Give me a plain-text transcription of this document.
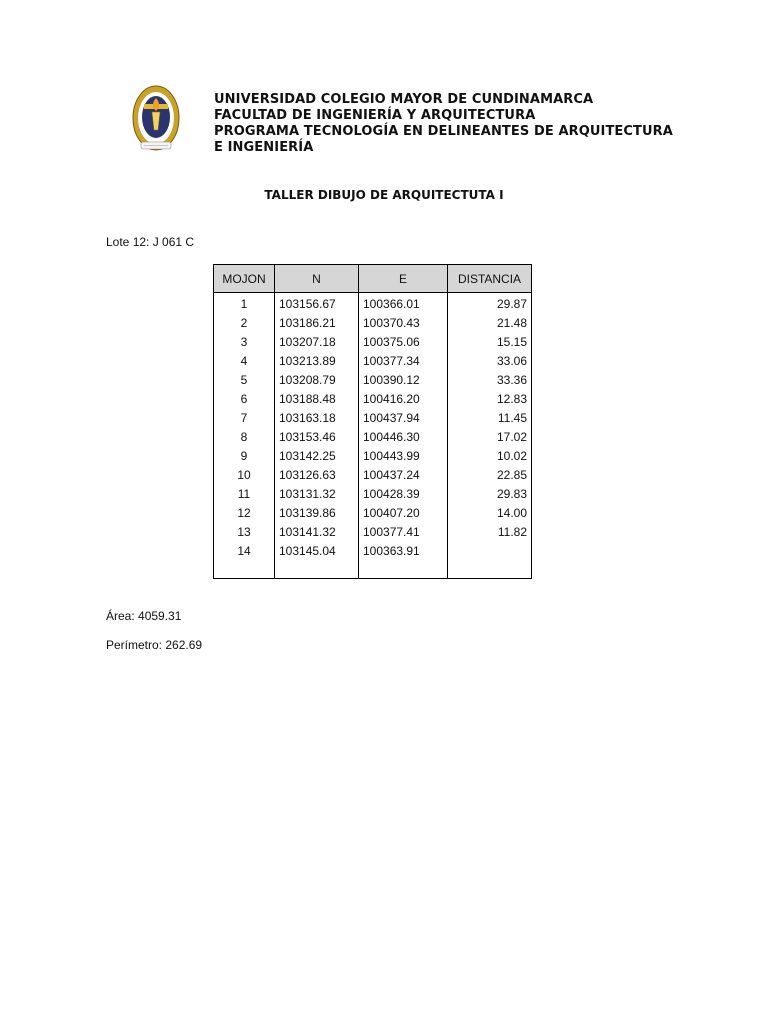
UNIVERSIDAD COLEGIO MAYOR DE CUNDINAMARCA
FACULTAD DE INGENIERÍA Y ARQUITECTURA
PROGRAMA TECNOLOGÍA EN DELINEANTES DE ARQUITECTURA
E INGENIERÍA
TALLER DIBUJO DE ARQUITECTUTA I
Lote 12: J 061 C
MOJON	N	E	DISTANCIA
1	103156.67	100366.01	29.87
2	103186.21	100370.43	21.48
3	103207.18	100375.06	15.15
4	103213.89	100377.34	33.06
5	103208.79	100390.12	33.36
6	103188.48	100416.20	12.83
7	103163.18	100437.94	11.45
8	103153.46	100446.30	17.02
9	103142.25	100443.99	10.02
10	103126.63	100437.24	22.85
11	103131.32	100428.39	29.83
12	103139.86	100407.20	14.00
13	103141.32	100377.41	11.82
14	103145.04	100363.91	
Área: 4059.31
Perímetro: 262.69
